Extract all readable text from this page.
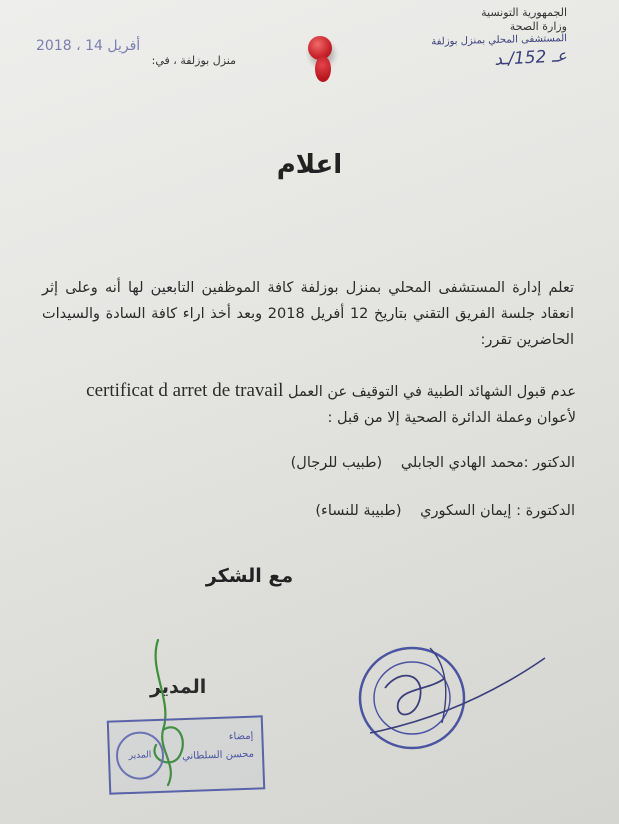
الجمهورية التونسية
وزارة الصحة
المستشفى المحلي بمنزل بوزلفة
عـ 152/ـد
2018 ، أفريل 14
منزل بوزلفة ، في:
اعلام
تعلم إدارة المستشفى المحلي بمنزل بوزلفة كافة الموظفين التابعين لها أنه وعلى إثر انعقاد جلسة الفريق التقني بتاريخ 12 أفريل 2018 وبعد أخذ اراء كافة السادة والسيدات الحاضرين تقرر:
عدم قبول الشهائد الطبية في التوقيف عن العمل certificat d arret de travail لأعوان وعملة الدائرة الصحية إلا من قبل :
الدكتور :محمد الهادي الجابلي (طبيب للرجال)
الدكتورة : إيمان السكوري (طبيبة للنساء)
مع الشكر
المدير
المدير
إمضاء
محسن السلطاني
